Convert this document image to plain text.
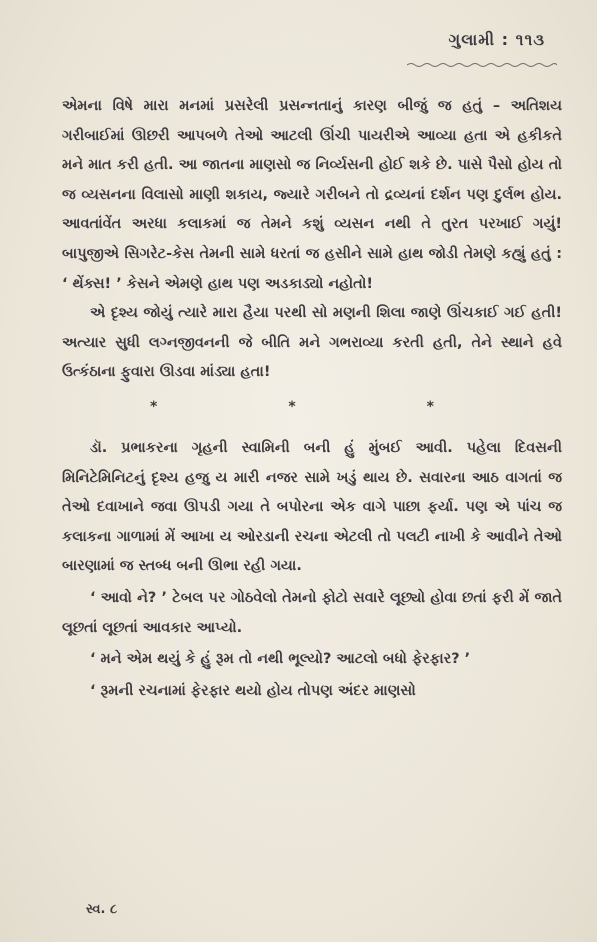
ગુલામી : ૧૧૩

એમના વિષે મારા મનમાં પ્રસરેલી પ્રસન્નતાનું કારણ બીજું જ હતું – અતિશય ગરીબાઈમાં ઊછરી આપબળે તેઓ આટલી ઊંચી પાયરીએ આવ્યા હતા એ હકીકતે મને માત કરી હતી. આ જાતના માણસો જ નિર્વ્યસની હોઈ શકે છે. પાસે પૈસો હોય તો જ વ્યસનના વિલાસો માણી શકાય, જ્યારે ગરીબને તો દ્રવ્યનાં દર્શન પણ દુર્લભ હોય. આવતાંવેંત અરધા કલાકમાં જ તેમને કશું વ્યસન નથી તે તુરત પરખાઈ ગયું! બાપુજીએ સિગરેટ-કેસ તેમની સામે ધરતાં જ હસીને સામે હાથ જોડી તેમણે કહ્યું હતું : ‘ થેંક્સ! ’ કેસને એમણે હાથ પણ અડકાડ્યો નહોતો!

એ દૃશ્ય જોયું ત્યારે મારા હૈયા પરથી સો મણની શિલા જાણે ઊંચકાઈ ગઈ હતી! અત્યાર સુધી લગ્નજીવનની જે બીતિ મને ગભરાવ્યા કરતી હતી, તેને સ્થાને હવે ઉત્કંઠાના ફુવારા ઊડવા માંડ્યા હતા!

*	*	*

ડૉ. પ્રભાકરના ગૃહની સ્વામિની બની હું મુંબઈ આવી. પહેલા દિવસની મિનિટેમિનિટનું દૃશ્ય હજુ ય મારી નજર સામે ખડું થાય છે. સવારના આઠ વાગતાં જ તેઓ દવાખાને જવા ઊપડી ગયા તે બપોરના એક વાગે પાછા ફર્યા. પણ એ પાંચ જ કલાકના ગાળામાં મેં આખા ય ઓરડાની રચના એટલી તો પલટી નાખી કે આવીને તેઓ બારણામાં જ સ્તબ્ધ બની ઊભા રહી ગયા.

‘ આવો ને? ’ ટેબલ પર ગોઠવેલો તેમનો ફોટો સવારે લૂછ્યો હોવા છતાં ફરી મેં જાતે લૂછતાં લૂછતાં આવકાર આપ્યો.

‘ મને એમ થયું કે હું રૂમ તો નથી ભૂલ્યો? આટલો બધો ફેરફાર? ’

‘ રૂમની રચનામાં ફેરફાર થયો હોય તોપણ અંદર માણસો

સ્વ. ૮
